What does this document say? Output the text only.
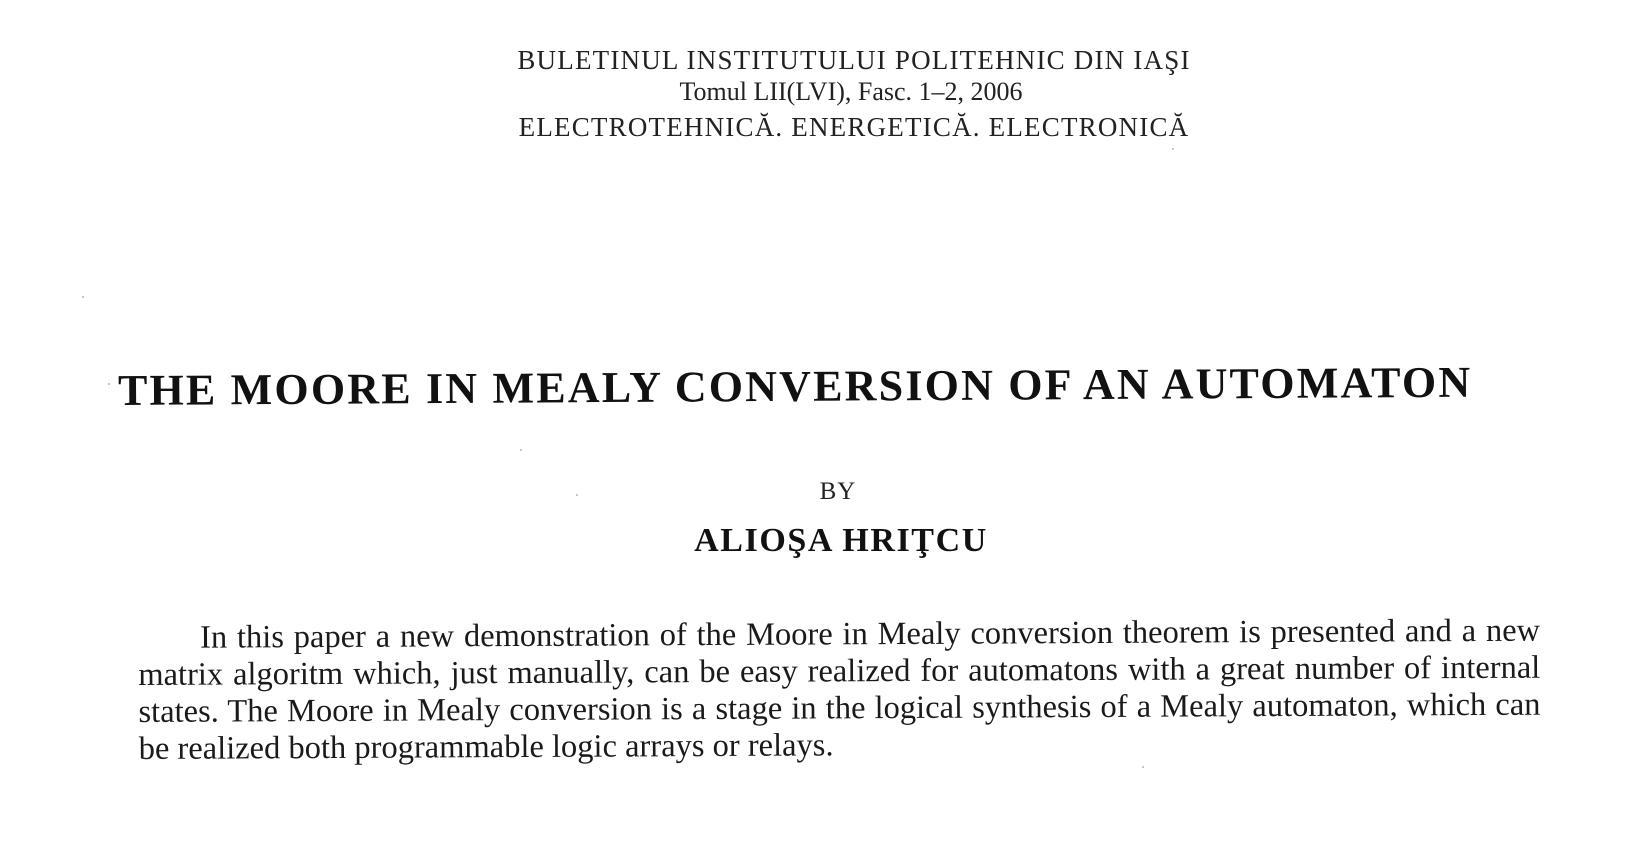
BULETINUL INSTITUTULUI POLITEHNIC DIN IAŞI
Tomul LII(LVI), Fasc. 1–2, 2006
ELECTROTEHNICĂ. ENERGETICĂ. ELECTRONICĂ
THE MOORE IN MEALY CONVERSION OF AN AUTOMATON
BY
ALIOŞA HRIŢCU
In this paper a new demonstration of the Moore in Mealy conversion theorem is presented and a new matrix algoritm which, just manually, can be easy realized for automatons with a great number of internal states. The Moore in Mealy conversion is a stage in the logical synthesis of a Mealy automaton, which can be realized both programmable logic arrays or relays.
